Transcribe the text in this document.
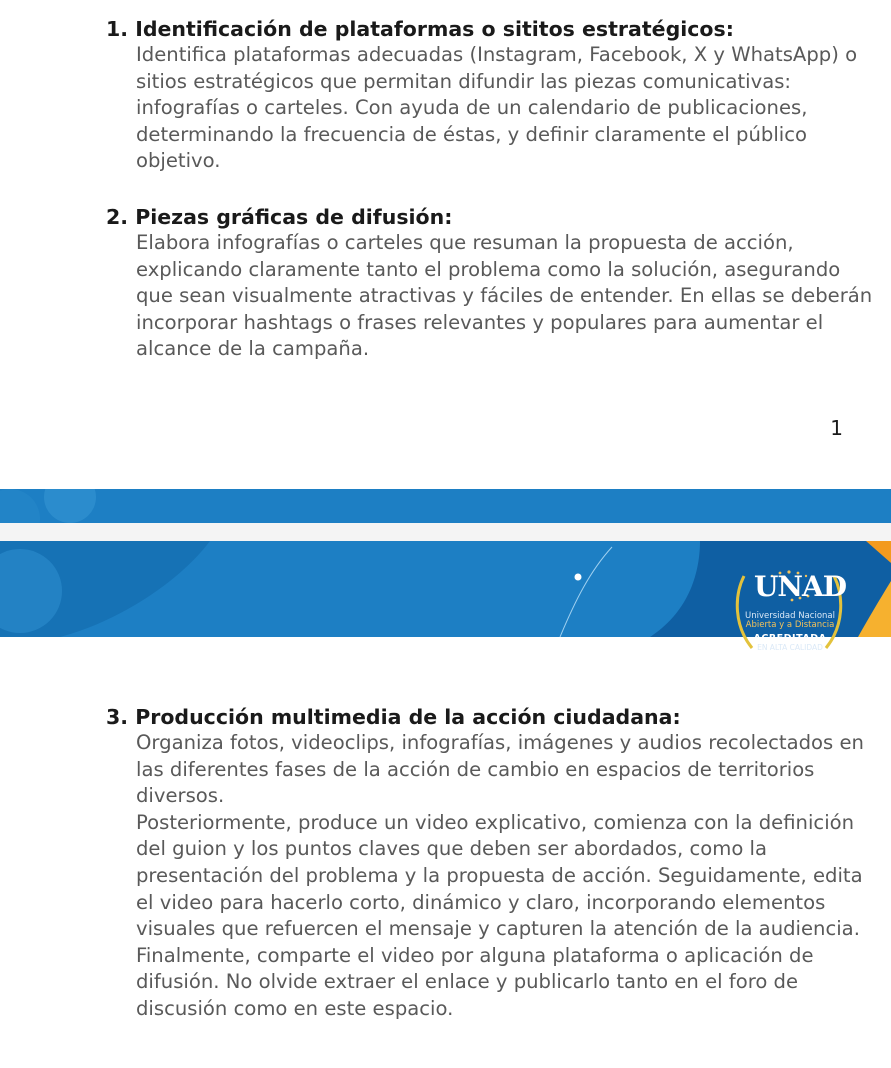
1. Identificación de plataformas o sititos estratégicos:

Identifica plataformas adecuadas (Instagram, Facebook, X y WhatsApp) o sitios estratégicos que permitan difundir las piezas comunicativas: infografías o carteles. Con ayuda de un calendario de publicaciones, determinando la frecuencia de éstas, y definir claramente el público objetivo.

2. Piezas gráficas de difusión:

Elabora infografías o carteles que resuman la propuesta de acción, explicando claramente tanto el problema como la solución, asegurando que sean visualmente atractivas y fáciles de entender. En ellas se deberán incorporar hashtags o frases relevantes y populares para aumentar el alcance de la campaña.

1
UNAD
Universidad Nacional
Abierta y a Distancia
ACREDITADA
EN ALTA CALIDAD
3. Producción multimedia de la acción ciudadana:

Organiza fotos, videoclips, infografías, imágenes y audios recolectados en las diferentes fases de la acción de cambio en espacios de territorios diversos.

Posteriormente, produce un video explicativo, comienza con la definición del guion y los puntos claves que deben ser abordados, como la presentación del problema y la propuesta de acción. Seguidamente, edita el video para hacerlo corto, dinámico y claro, incorporando elementos visuales que refuercen el mensaje y capturen la atención de la audiencia. Finalmente, comparte el video por alguna plataforma o aplicación de difusión. No olvide extraer el enlace y publicarlo tanto en el foro de discusión como en este espacio.
